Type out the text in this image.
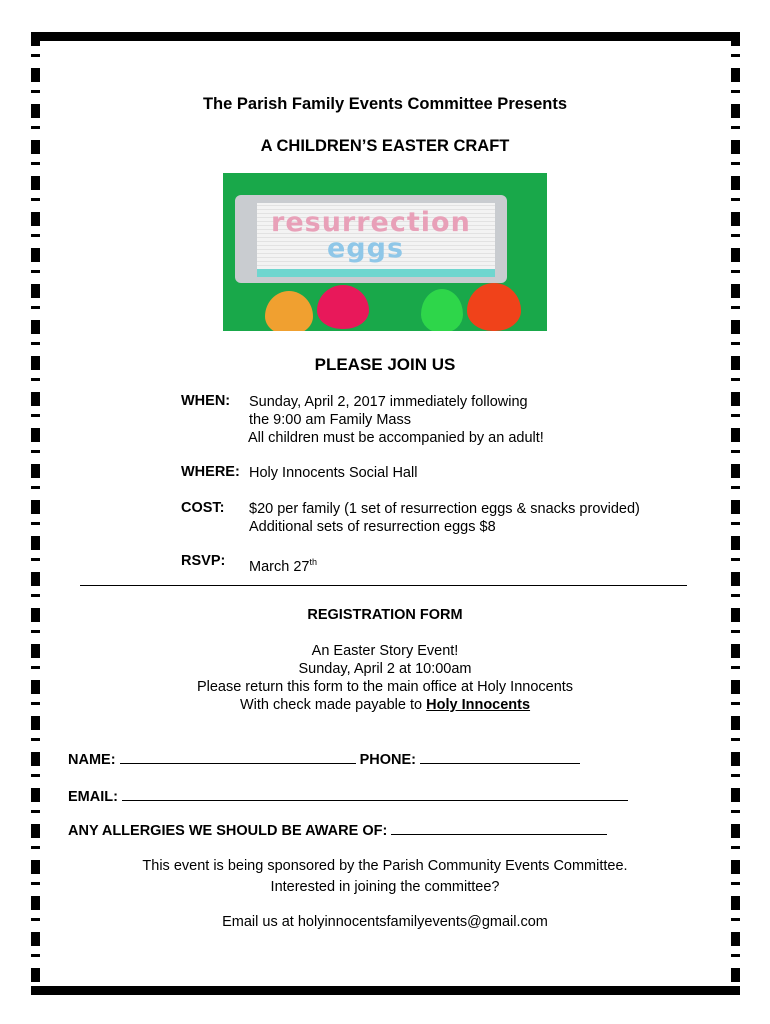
The Parish Family Events Committee Presents
A CHILDREN’S EASTER CRAFT
resurrection
eggs
PLEASE JOIN US
WHEN: Sunday, April 2, 2017 immediately following
the 9:00 am Family Mass
All children must be accompanied by an adult!
WHERE: Holy Innocents Social Hall
COST: $20 per family (1 set of resurrection eggs & snacks provided)
Additional sets of resurrection eggs $8
RSVP: March 27th
REGISTRATION FORM
An Easter Story Event!
Sunday, April 2 at 10:00am
Please return this form to the main office at Holy Innocents
With check made payable to Holy Innocents
NAME:	PHONE:
EMAIL:
ANY ALLERGIES WE SHOULD BE AWARE OF:
This event is being sponsored by the Parish Community Events Committee.
Interested in joining the committee?
Email us at holyinnocentsfamilyevents@gmail.com
